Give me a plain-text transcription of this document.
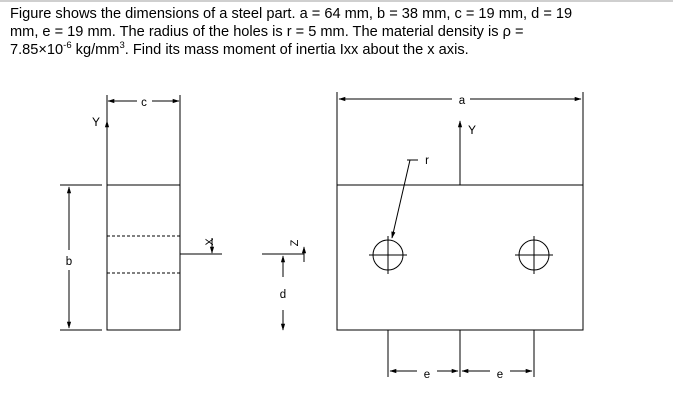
Figure shows the dimensions of a steel part. a = 64 mm, b = 38 mm, c = 19 mm, d = 19
mm, e = 19 mm. The radius of the holes is r = 5 mm. The material density is ρ =
$7.85\times 10^{-6}$ $kg/mm^3$. Find its mass moment of inertia Ixx about the x axis.
c
Y
b
X	Z
d
a
Y
r
e	e
